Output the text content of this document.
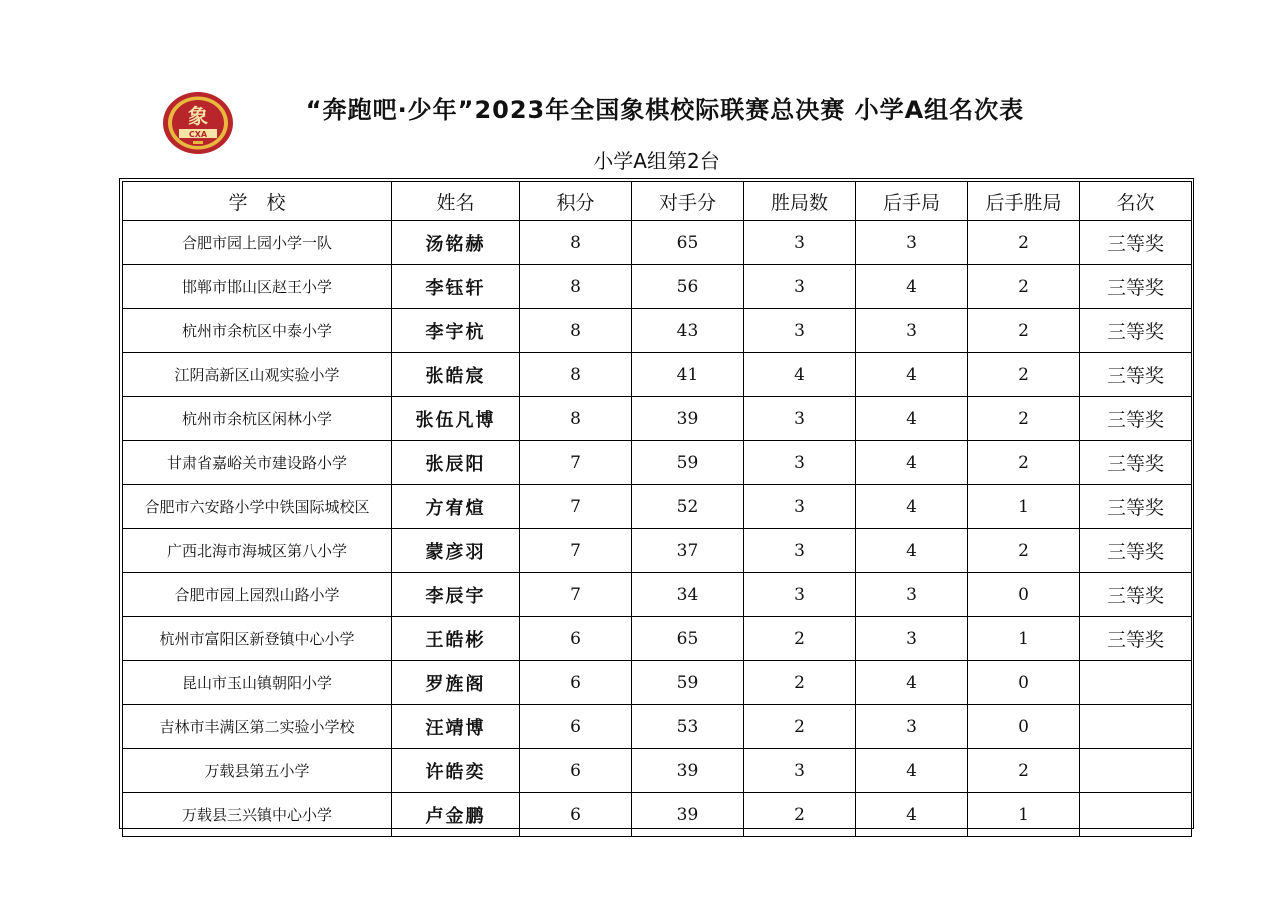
象
CXA
“奔跑吧·少年”2023年全国象棋校际联赛总决赛 小学A组名次表
小学A组第2台
学　校	姓名	积分	对手分	胜局数	后手局	后手胜局	名次
合肥市园上园小学一队	汤铭赫	8	65	3	3	2	三等奖
邯郸市邯山区赵王小学	李钰轩	8	56	3	4	2	三等奖
杭州市余杭区中泰小学	李宇杭	8	43	3	3	2	三等奖
江阴高新区山观实验小学	张皓宸	8	41	4	4	2	三等奖
杭州市余杭区闲林小学	张伍凡博	8	39	3	4	2	三等奖
甘肃省嘉峪关市建设路小学	张辰阳	7	59	3	4	2	三等奖
合肥市六安路小学中铁国际城校区	方宥煊	7	52	3	4	1	三等奖
广西北海市海城区第八小学	蒙彦羽	7	37	3	4	2	三等奖
合肥市园上园烈山路小学	李辰宇	7	34	3	3	0	三等奖
杭州市富阳区新登镇中心小学	王皓彬	6	65	2	3	1	三等奖
昆山市玉山镇朝阳小学	罗旌阁	6	59	2	4	0	
吉林市丰满区第二实验小学校	汪靖博	6	53	2	3	0	
万载县第五小学	许皓奕	6	39	3	4	2	
万载县三兴镇中心小学	卢金鹏	6	39	2	4	1	
